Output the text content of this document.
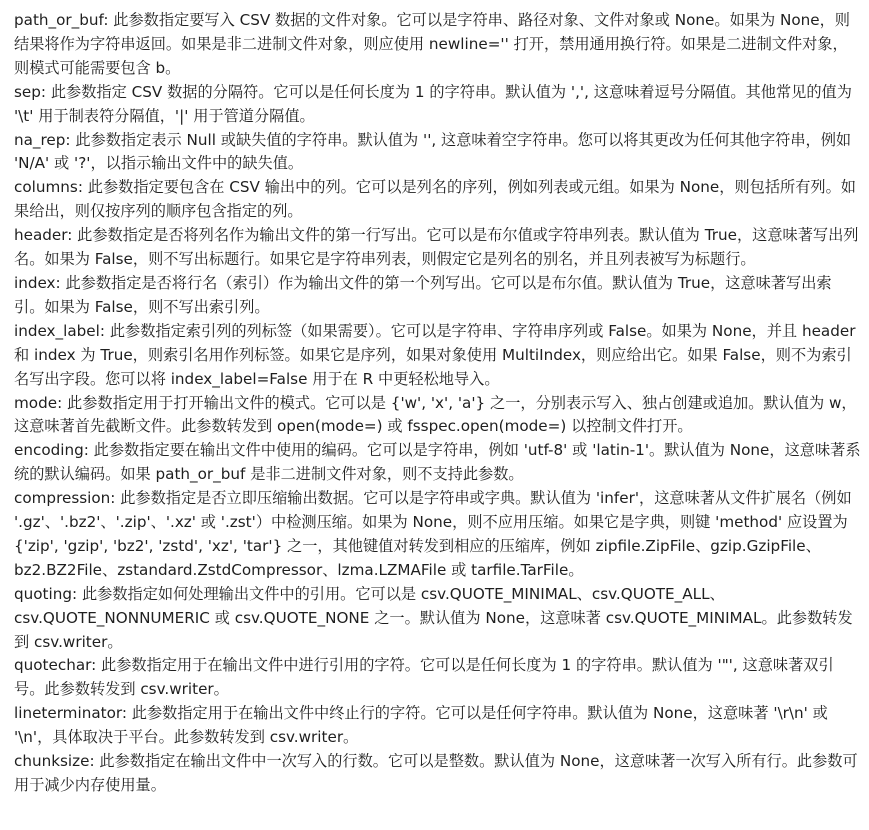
path_or_buf: 此参数指定要写入 CSV 数据的文件对象。它可以是字符串、路径对象、文件对象或 None。如果为 None，则结果将作为字符串返回。如果是非二进制文件对象，则应使用 newline='' 打开，禁用通用换行符。如果是二进制文件对象，则模式可能需要包含 b。

sep: 此参数指定 CSV 数据的分隔符。它可以是任何长度为 1 的字符串。默认值为 ',', 这意味着逗号分隔值。其他常见的值为 '\t' 用于制表符分隔值，'|' 用于管道分隔值。

na_rep: 此参数指定表示 Null 或缺失值的字符串。默认值为 '', 这意味着空字符串。您可以将其更改为任何其他字符串，例如 'N/A' 或 '?'，以指示输出文件中的缺失值。

columns: 此参数指定要包含在 CSV 输出中的列。它可以是列名的序列，例如列表或元组。如果为 None，则包括所有列。如果给出，则仅按序列的顺序包含指定的列。

header: 此参数指定是否将列名作为输出文件的第一行写出。它可以是布尔值或字符串列表。默认值为 True，这意味著写出列名。如果为 False，则不写出标题行。如果它是字符串列表，则假定它是列名的别名，并且列表被写为标题行。

index: 此参数指定是否将行名（索引）作为输出文件的第一个列写出。它可以是布尔值。默认值为 True，这意味著写出索引。如果为 False，则不写出索引列。

index_label: 此参数指定索引列的列标签（如果需要）。它可以是字符串、字符串序列或 False。如果为 None，并且 header 和 index 为 True，则索引名用作列标签。如果它是序列，如果对象使用 MultiIndex，则应给出它。如果 False，则不为索引名写出字段。您可以将 index_label=False 用于在 R 中更轻松地导入。

mode: 此参数指定用于打开输出文件的模式。它可以是 {'w', 'x', 'a'} 之一，分别表示写入、独占创建或追加。默认值为 w，这意味著首先截断文件。此参数转发到 open(mode=) 或 fsspec.open(mode=) 以控制文件打开。

encoding: 此参数指定要在输出文件中使用的编码。它可以是字符串，例如 'utf-8' 或 'latin-1'。默认值为 None，这意味著系统的默认编码。如果 path_or_buf 是非二进制文件对象，则不支持此参数。

compression: 此参数指定是否立即压缩输出数据。它可以是字符串或字典。默认值为 'infer'，这意味著从文件扩展名（例如 '.gz'、'.bz2'、'.zip'、'.xz' 或 '.zst'）中检测压缩。如果为 None，则不应用压缩。如果它是字典，则键 'method' 应设置为 {'zip', 'gzip', 'bz2', 'zstd', 'xz', 'tar'} 之一，其他键值对转发到相应的压缩库，例如 zipfile.ZipFile、gzip.GzipFile、bz2.BZ2File、zstandard.ZstdCompressor、lzma.LZMAFile 或 tarfile.TarFile。

quoting: 此参数指定如何处理输出文件中的引用。它可以是 csv.QUOTE_MINIMAL、csv.QUOTE_ALL、csv.QUOTE_NONNUMERIC 或 csv.QUOTE_NONE 之一。默认值为 None，这意味著 csv.QUOTE_MINIMAL。此参数转发到 csv.writer。

quotechar: 此参数指定用于在输出文件中进行引用的字符。它可以是任何长度为 1 的字符串。默认值为 '"', 这意味著双引号。此参数转发到 csv.writer。

lineterminator: 此参数指定用于在输出文件中终止行的字符。它可以是任何字符串。默认值为 None，这意味著 '\r\n' 或 '\n'，具体取决于平台。此参数转发到 csv.writer。

chunksize: 此参数指定在输出文件中一次写入的行数。它可以是整数。默认值为 None，这意味著一次写入所有行。此参数可用于减少内存使用量。
